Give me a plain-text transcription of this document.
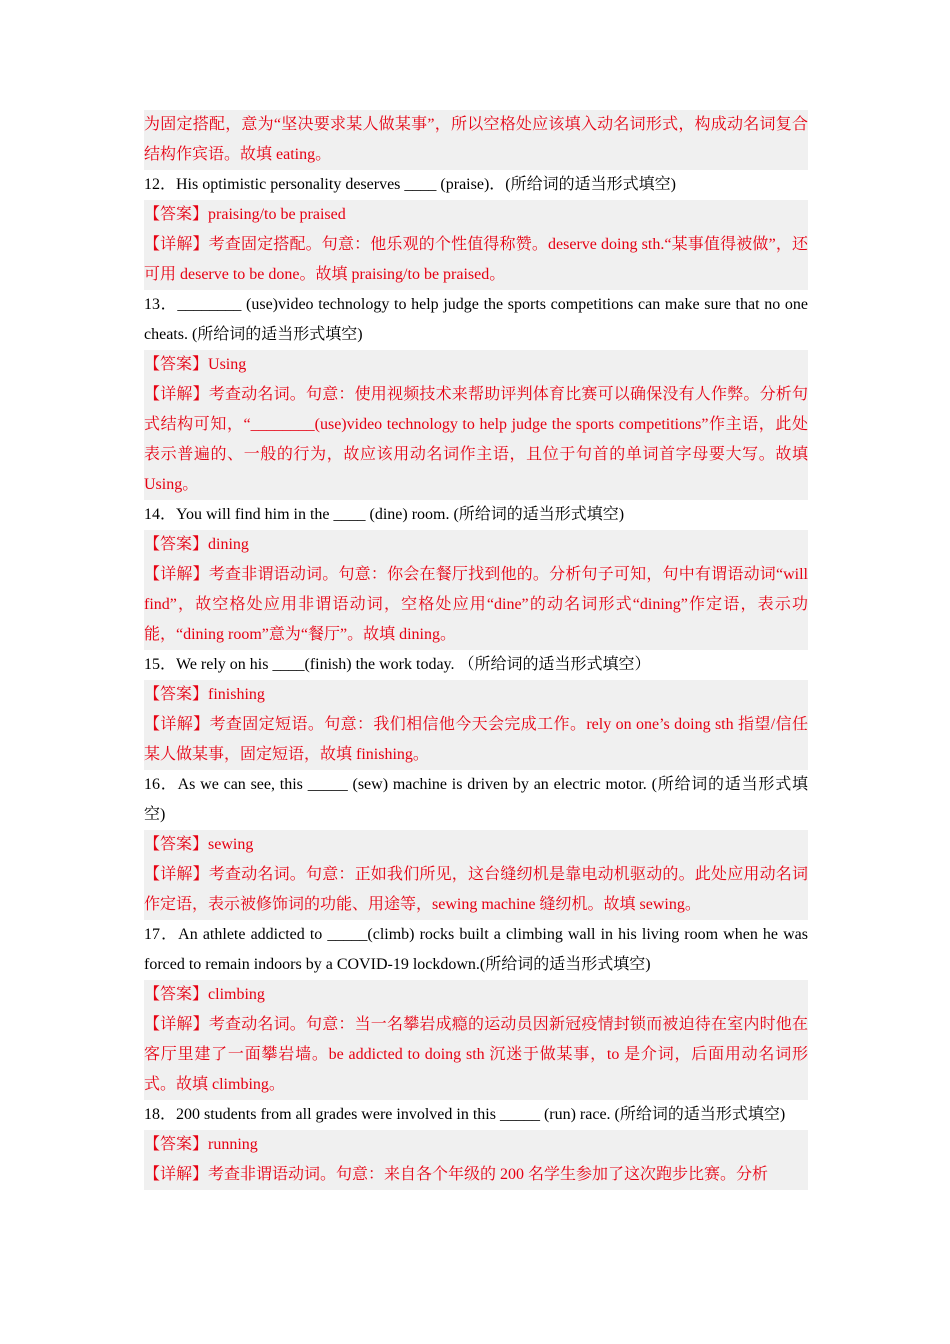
为固定搭配，意为“坚决要求某人做某事”，所以空格处应该填入动名词形式，构成动名词复合结构作宾语。故填 eating。
12．His optimistic personality deserves ____ (praise)．(所给词的适当形式填空)
【答案】praising/to be praised
【详解】考查固定搭配。句意：他乐观的个性值得称赞。deserve doing sth.“某事值得被做”，还可用 deserve to be done。故填 praising/to be praised。
13．________ (use)video technology to help judge the sports competitions can make sure that no one cheats. (所给词的适当形式填空)
【答案】Using
【详解】考查动名词。句意：使用视频技术来帮助评判体育比赛可以确保没有人作弊。分析句式结构可知，“________(use)video technology to help judge the sports competitions”作主语，此处表示普遍的、一般的行为，故应该用动名词作主语，且位于句首的单词首字母要大写。故填 Using。
14．You will find him in the ____ (dine) room. (所给词的适当形式填空)
【答案】dining
【详解】考查非谓语动词。句意：你会在餐厅找到他的。分析句子可知，句中有谓语动词“will find”，故空格处应用非谓语动词，空格处应用“dine”的动名词形式“dining”作定语，表示功能，“dining room”意为“餐厅”。故填 dining。
15．We rely on his ____(finish) the work today. （所给词的适当形式填空）
【答案】finishing
【详解】考查固定短语。句意：我们相信他今天会完成工作。rely on one’s doing sth 指望/信任某人做某事，固定短语，故填 finishing。
16．As we can see, this _____ (sew) machine is driven by an electric motor. (所给词的适当形式填空)
【答案】sewing
【详解】考查动名词。句意：正如我们所见，这台缝纫机是靠电动机驱动的。此处应用动名词作定语，表示被修饰词的功能、用途等，sewing machine 缝纫机。故填 sewing。
17．An athlete addicted to _____(climb) rocks built a climbing wall in his living room when he was forced to remain indoors by a COVID-19 lockdown.(所给词的适当形式填空)
【答案】climbing
【详解】考查动名词。句意：当一名攀岩成瘾的运动员因新冠疫情封锁而被迫待在室内时他在客厅里建了一面攀岩墙。be addicted to doing sth 沉迷于做某事，to 是介词，后面用动名词形式。故填 climbing。
18．200 students from all grades were involved in this _____ (run) race. (所给词的适当形式填空)
【答案】running
【详解】考查非谓语动词。句意：来自各个年级的 200 名学生参加了这次跑步比赛。分析
